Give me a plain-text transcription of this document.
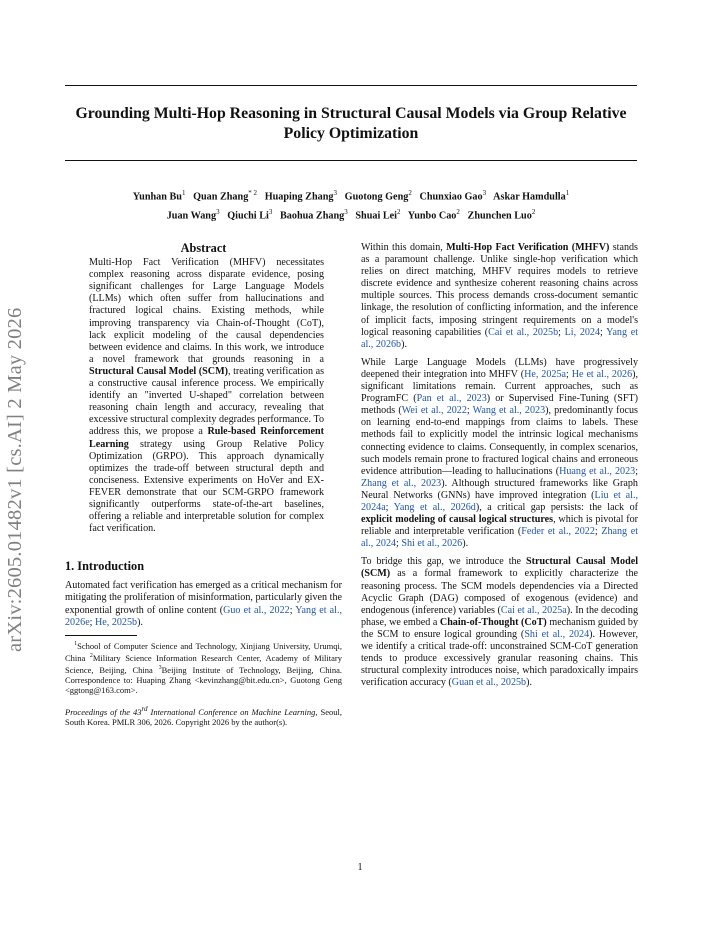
Grounding Multi-Hop Reasoning in Structural Causal Models via Group Relative Policy Optimization
Yunhan Bu$^1$ Quan Zhang$^{* 2}$ Huaping Zhang$^3$ Guotong Geng$^2$ Chunxiao Gao$^3$ Askar Hamdulla$^1$
Juan Wang$^3$ Qiuchi Li$^3$ Baohua Zhang$^3$ Shuai Lei$^2$ Yunbo Cao$^2$ Zhunchen Luo$^2$
arXiv:2605.01482v1 [cs.AI] 2 May 2026
Abstract

Multi-Hop Fact Verification (MHFV) necessitates complex reasoning across disparate evidence, posing significant challenges for Large Language Models (LLMs) which often suffer from hallucinations and fractured logical chains. Existing methods, while improving transparency via Chain-of-Thought (CoT), lack explicit modeling of the causal dependencies between evidence and claims. In this work, we introduce a novel framework that grounds reasoning in a Structural Causal Model (SCM), treating verification as a constructive causal inference process. We empirically identify an "inverted U-shaped" correlation between reasoning chain length and accuracy, revealing that excessive structural complexity degrades performance. To address this, we propose a Rule-based Reinforcement Learning strategy using Group Relative Policy Optimization (GRPO). This approach dynamically optimizes the trade-off between structural depth and conciseness. Extensive experiments on HoVer and EX-FEVER demonstrate that our SCM-GRPO framework significantly outperforms state-of-the-art baselines, offering a reliable and interpretable solution for complex fact verification.

1. Introduction

Automated fact verification has emerged as a critical mechanism for mitigating the proliferation of misinformation, particularly given the exponential growth of online content (Guo et al., 2022; Yang et al., 2026e; He, 2025b).

$^1$School of Computer Science and Technology, Xinjiang University, Urumqi, China $^2$Military Science Information Research Center, Academy of Military Science, Beijing, China $^3$Beijing Institute of Technology, Beijing, China. Correspondence to: Huaping Zhang <kevinzhang@bit.edu.cn>, Guotong Geng <ggtong@163.com>.
Proceedings of the 43rd International Conference on Machine Learning, Seoul, South Korea. PMLR 306, 2026. Copyright 2026 by the author(s).

Within this domain, Multi-Hop Fact Verification (MHFV) stands as a paramount challenge. Unlike single-hop verification which relies on direct matching, MHFV requires models to retrieve discrete evidence and synthesize coherent reasoning chains across multiple sources. This process demands cross-document semantic linkage, the resolution of conflicting information, and the inference of implicit facts, imposing stringent requirements on a model's logical reasoning capabilities (Cai et al., 2025b; Li, 2024; Yang et al., 2026b).

While Large Language Models (LLMs) have progressively deepened their integration into MHFV (He, 2025a; He et al., 2026), significant limitations remain. Current approaches, such as ProgramFC (Pan et al., 2023) or Supervised Fine-Tuning (SFT) methods (Wei et al., 2022; Wang et al., 2023), predominantly focus on learning end-to-end mappings from claims to labels. These methods fail to explicitly model the intrinsic logical mechanisms connecting evidence to claims. Consequently, in complex scenarios, such models remain prone to fractured logical chains and erroneous evidence attribution—leading to hallucinations (Huang et al., 2023; Zhang et al., 2023). Although structured frameworks like Graph Neural Networks (GNNs) have improved integration (Liu et al., 2024a; Yang et al., 2026d), a critical gap persists: the lack of explicit modeling of causal logical structures, which is pivotal for reliable and interpretable verification (Feder et al., 2022; Zhang et al., 2024; Shi et al., 2026).

To bridge this gap, we introduce the Structural Causal Model (SCM) as a formal framework to explicitly characterize the reasoning process. The SCM models dependencies via a Directed Acyclic Graph (DAG) composed of exogenous (evidence) and endogenous (inference) variables (Cai et al., 2025a). In the decoding phase, we embed a Chain-of-Thought (CoT) mechanism guided by the SCM to ensure logical grounding (Shi et al., 2024). However, we identify a critical trade-off: unconstrained SCM-CoT generation tends to produce excessively granular reasoning chains. This structural complexity introduces noise, which paradoxically impairs verification accuracy (Guan et al., 2025b).

1
